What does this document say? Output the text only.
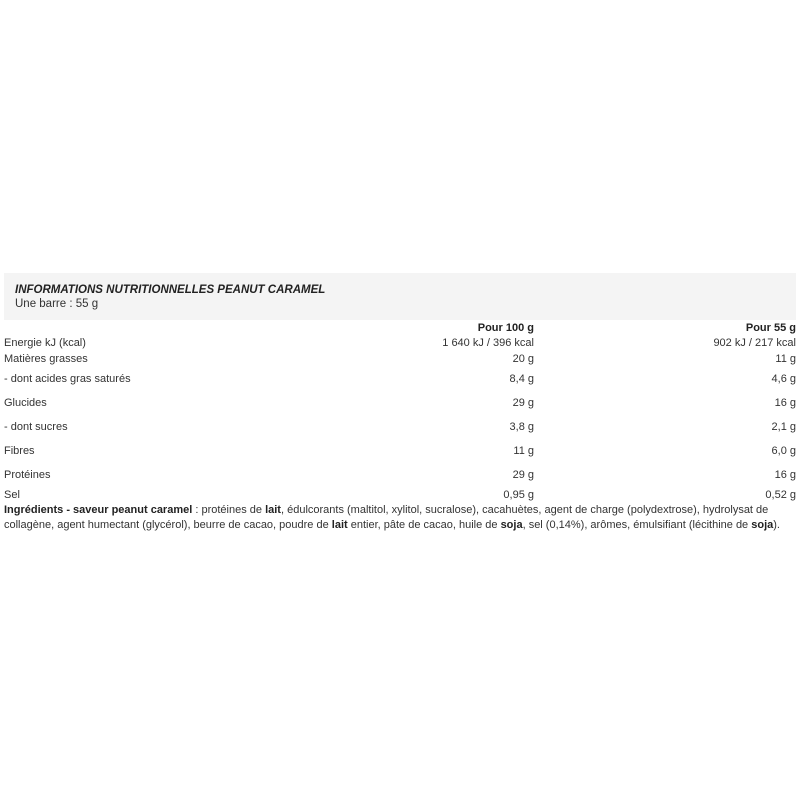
INFORMATIONS NUTRITIONNELLES PEANUT CARAMEL
Une barre : 55 g
	Pour 100 g	Pour 55 g
Energie kJ (kcal)	1 640 kJ / 396 kcal	902 kJ / 217 kcal
Matières grasses	20 g	11 g
- dont acides gras saturés	8,4 g	4,6 g
Glucides	29 g	16 g
- dont sucres	3,8 g	2,1 g
Fibres	11 g	6,0 g
Protéines	29 g	16 g
Sel	0,95 g	0,52 g
Ingrédients - saveur peanut caramel : protéines de lait, édulcorants (maltitol, xylitol, sucralose), cacahuètes, agent de charge (polydextrose), hydrolysat de collagène, agent humectant (glycérol), beurre de cacao, poudre de lait entier, pâte de cacao, huile de soja, sel (0,14%), arômes, émulsifiant (lécithine de soja).
